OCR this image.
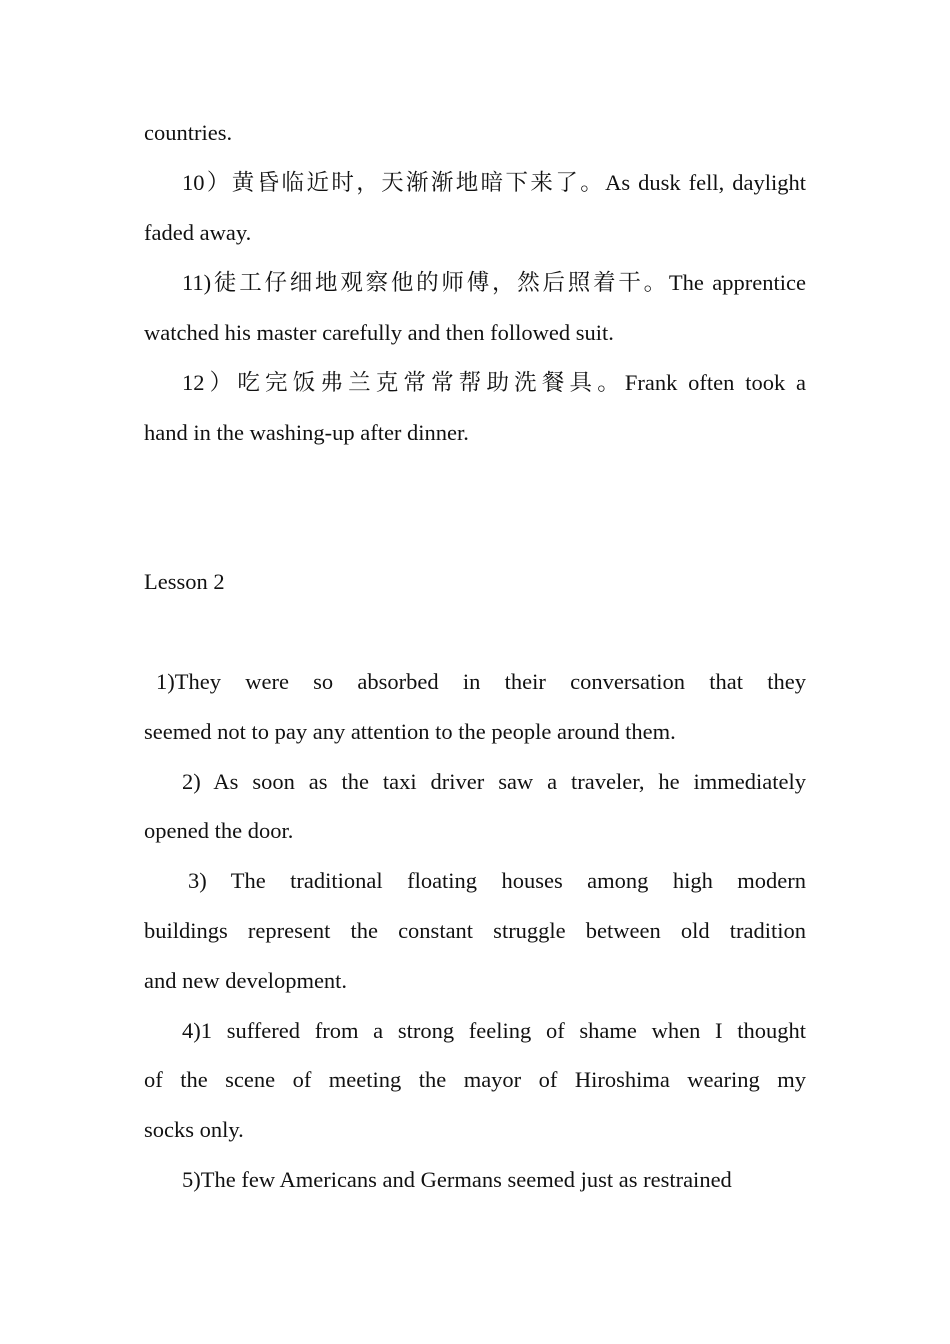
countries.
10）黄昏临近时，天渐渐地暗下来了。As dusk fell, daylight
faded away.
11)徒工仔细地观察他的师傅，然后照着干。The apprentice
watched his master carefully and then followed suit.
12）吃完饭弗兰克常常帮助洗餐具。Frank often took a
hand in the washing-up after dinner.
Lesson 2
1)They were so absorbed in their conversation that they
seemed not to pay any attention to the people around them.
2) As soon as the taxi driver saw a traveler, he immediately
opened the door.
3) The traditional floating houses among high modern
buildings represent the constant struggle between old tradition
and new development.
4)1 suffered from a strong feeling of shame when I thought
of the scene of meeting the mayor of Hiroshima wearing my
socks only.
5)The few Americans and Germans seemed just as restrained
